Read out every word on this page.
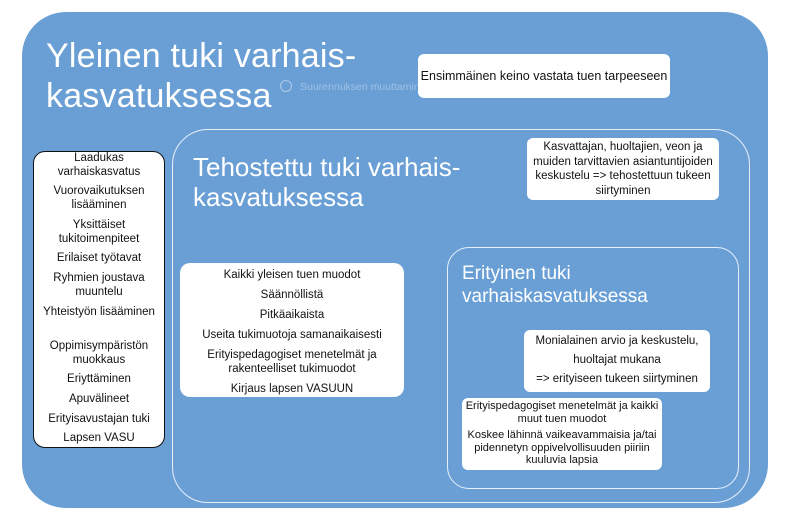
Yleinen tuki varhais-kasvatuksessa
Ensimmäinen keino vastata tuen tarpeeseen
Suurennuksen muuttaminen
Laadukas varhaiskasvatus
Vuorovaikutuksen lisääminen
Yksittäiset tukitoimenpiteet
Erilaiset työtavat
Ryhmien joustava muuntelu
Yhteistyön lisääminen
Oppimisympäristön muokkaus
Eriyttäminen
Apuvälineet
Erityisavustajan tuki
Lapsen VASU
Tehostettu tuki varhais-kasvatuksessa
Kasvattajan, huoltajien, veon ja muiden tarvittavien asiantuntijoiden keskustelu => tehostettuun tukeen siirtyminen
Kaikki yleisen tuen muodot
Säännöllistä
Pitkäaikaista
Useita tukimuotoja samanaikaisesti
Erityispedagogiset menetelmät ja rakenteelliset tukimuodot
Kirjaus lapsen VASUUN
Erityinen tuki varhaiskasvatuksessa
Monialainen arvio ja keskustelu,
huoltajat mukana
=> erityiseen tukeen siirtyminen
Erityispedagogiset menetelmät ja kaikki muut tuen muodot
Koskee lähinnä vaikeavammaisia ja/tai pidennetyn oppivelvollisuuden piiriin kuuluvia lapsia
